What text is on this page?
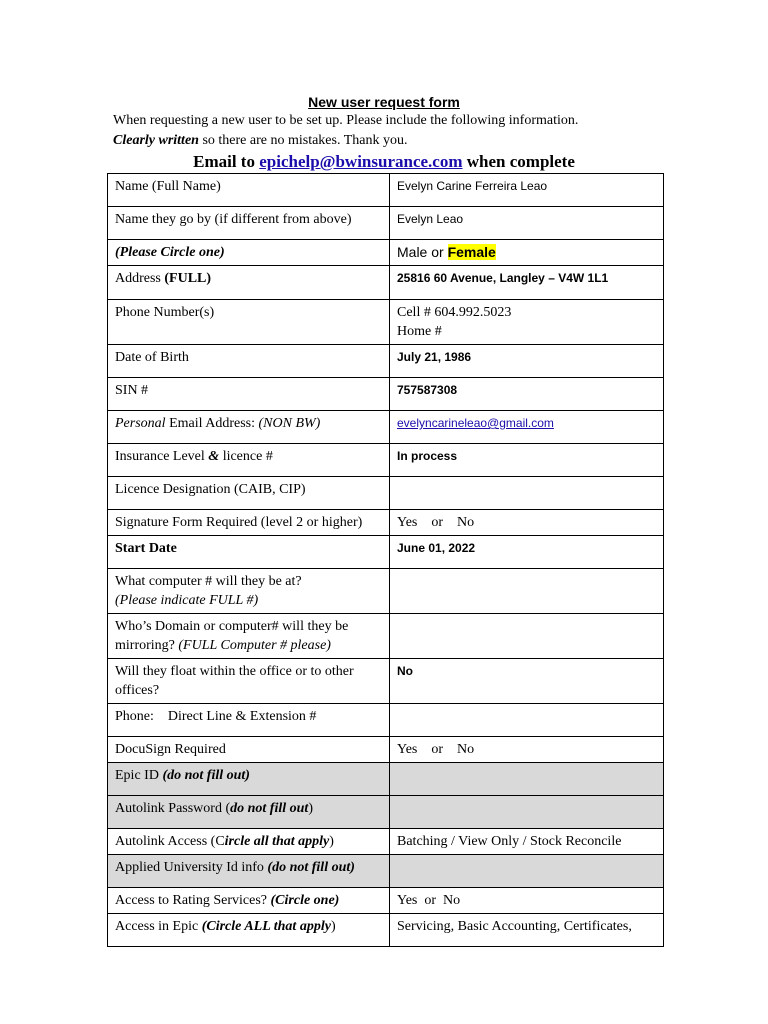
New user request form
When requesting a new user to be set up. Please include the following information.
Clearly written so there are no mistakes. Thank you.
Email to epichelp@bwinsurance.com when complete
Name (Full Name)	Evelyn Carine Ferreira Leao
Name they go by (if different from above)	Evelyn Leao
(Please Circle one)	Male or Female
Address (FULL)	25816 60 Avenue, Langley – V4W 1L1
Phone Number(s)	Cell # 604.992.5023
Home #

Date of Birth	July 21, 1986
SIN #	757587308
Personal Email Address: (NON BW)	evelyncarineleao@gmail.com
Insurance Level & licence #	In process
Licence Designation (CAIB, CIP)	
Signature Form Required (level 2 or higher)	Yes    or    No
Start Date	June 01, 2022

What computer # will they be at?
(Please indicate FULL #)	

Who’s Domain or computer# will they be mirroring? (FULL Computer # please)	
Will they float within the office or to other offices?	No
Phone:    Direct Line & Extension #	
DocuSign Required	Yes    or    No
Epic ID (do not fill out)	
Autolink Password (do not fill out)	
Autolink Access (Circle all that apply)	Batching / View Only / Stock Reconcile
Applied University Id info (do not fill out)	
Access to Rating Services? (Circle one)	Yes  or  No
Access in Epic (Circle ALL that apply)	Servicing, Basic Accounting, Certificates,
